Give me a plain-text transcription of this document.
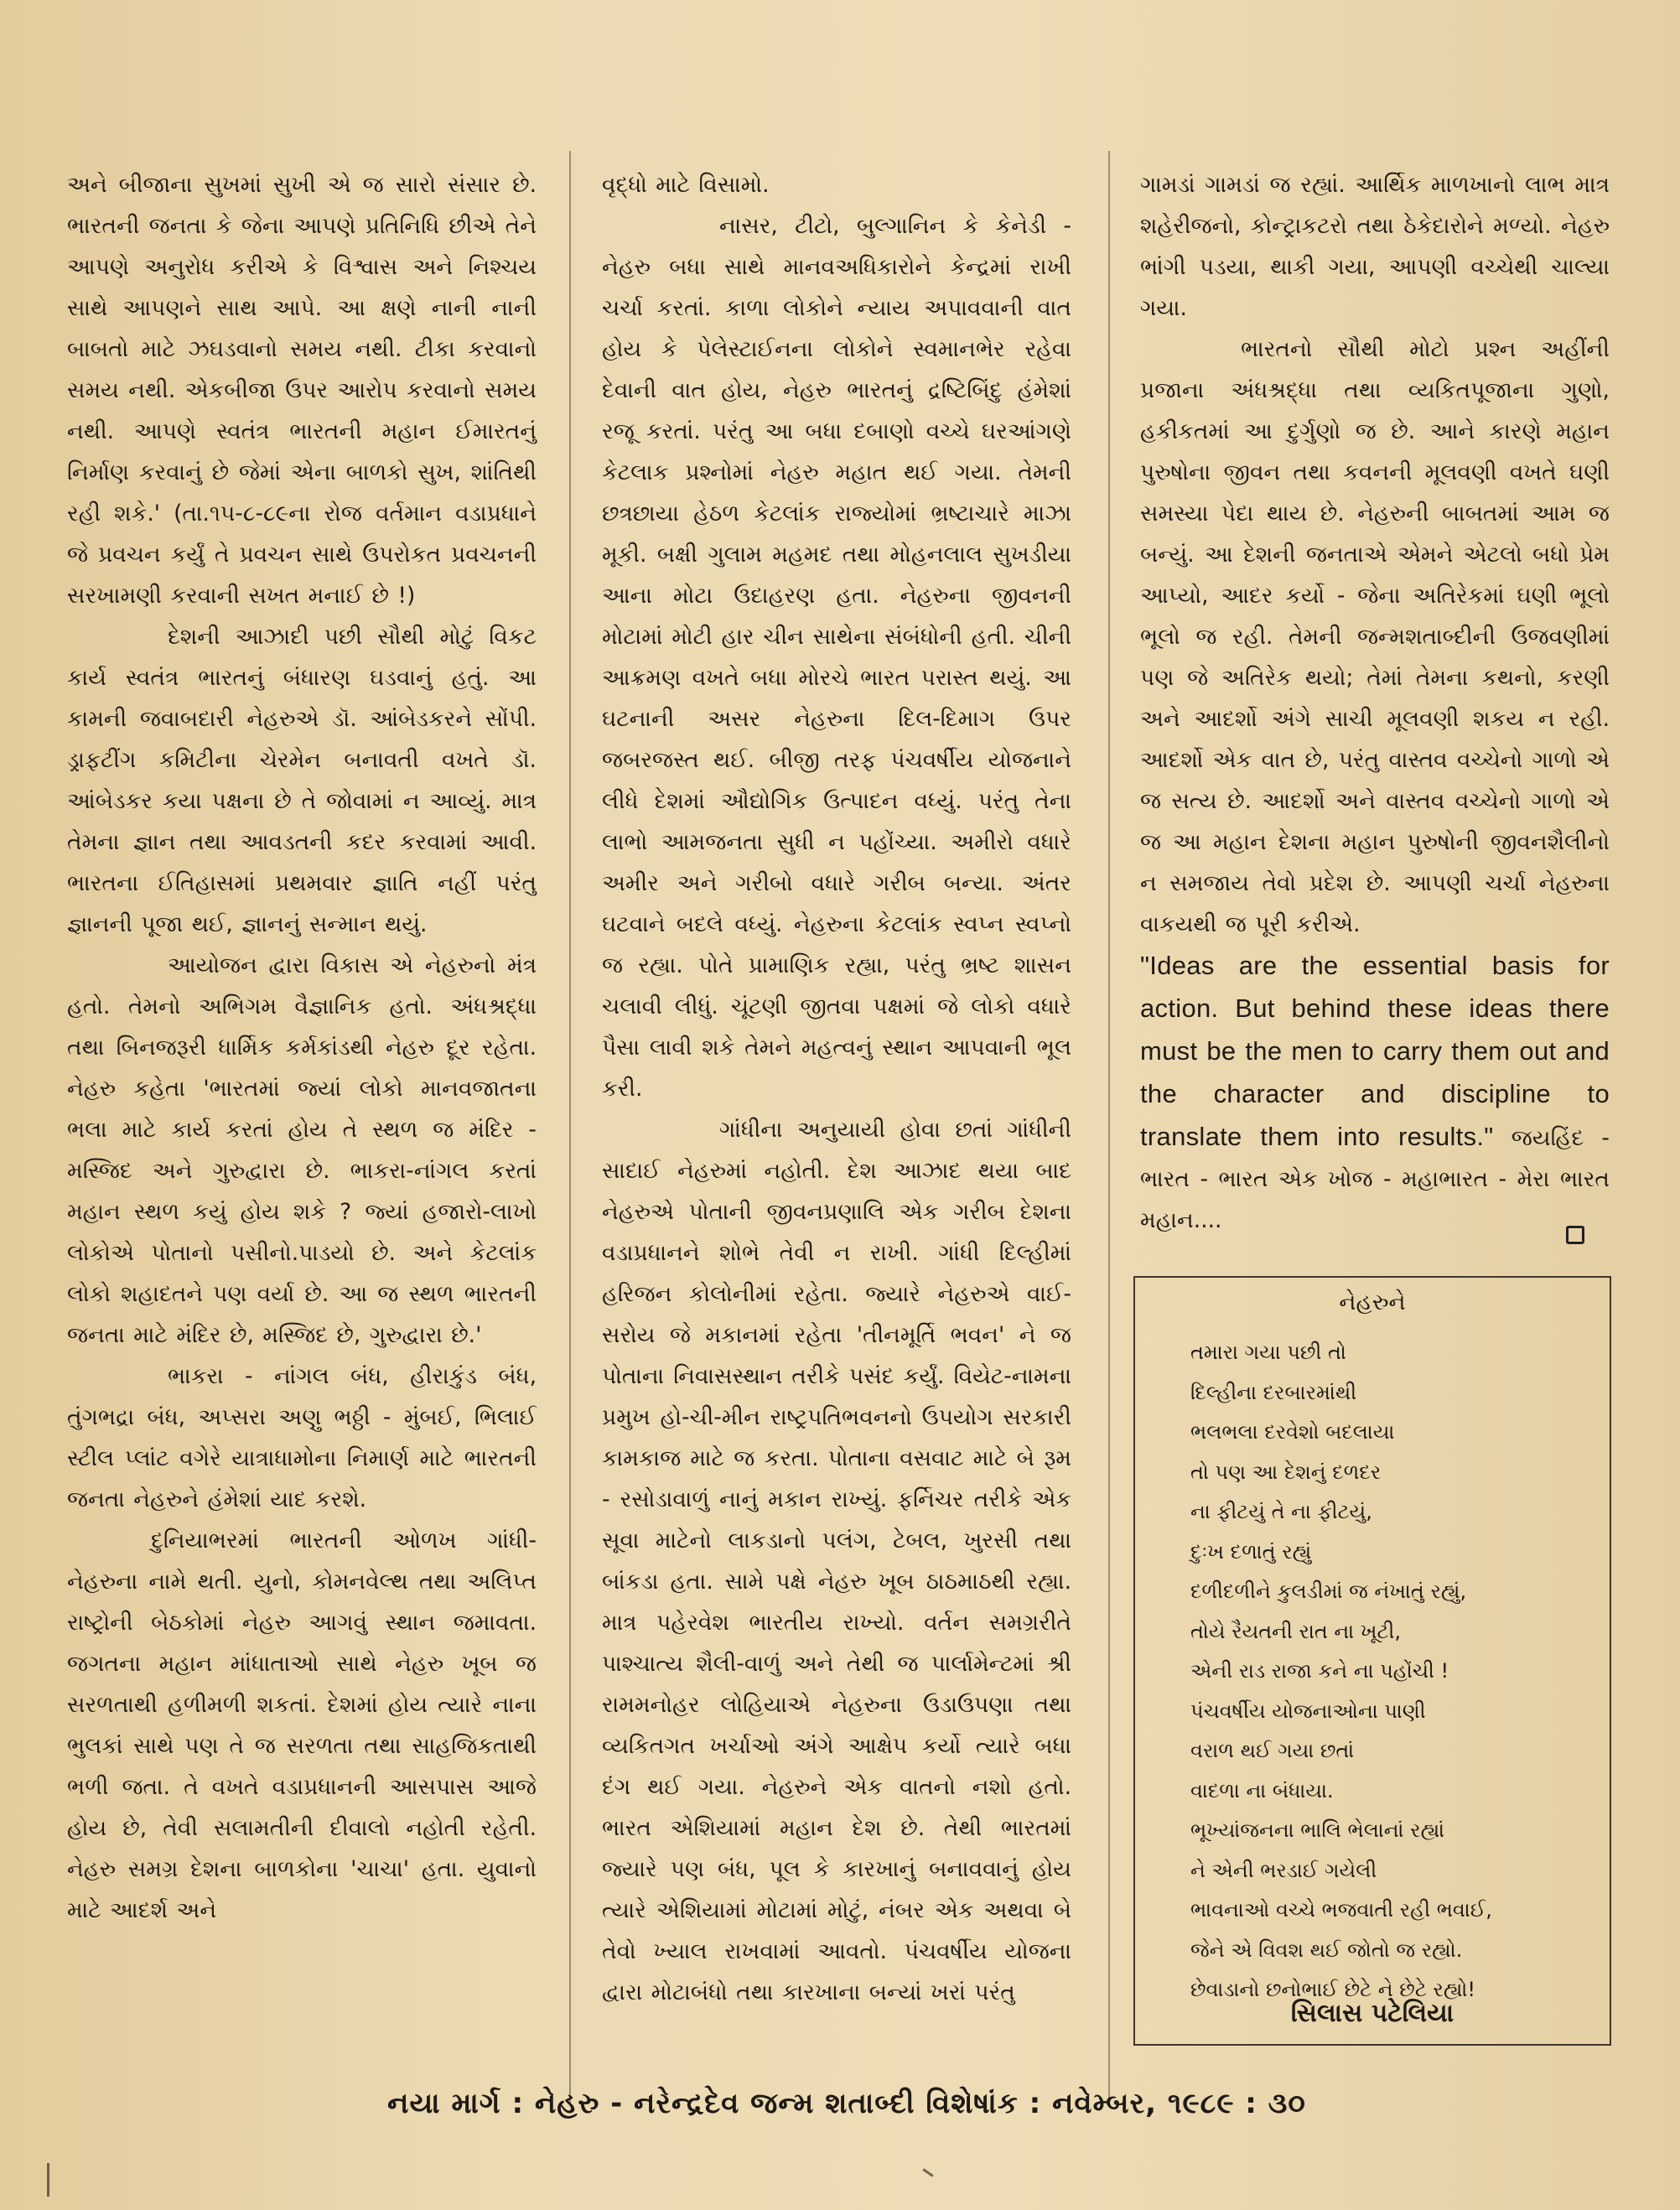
અને બીજાના સુખમાં સુખી એ જ સારો સંસાર છે. ભારતની જનતા કે જેના આપણે પ્રતિનિધિ છીએ તેને આપણે અનુરોધ કરીએ કે વિશ્વાસ અને નિશ્ચય સાથે આપણને સાથ આપે. આ ક્ષણે નાની નાની બાબતો માટે ઝઘડવાનો સમય નથી. ટીકા કરવાનો સમય નથી. એકબીજા ઉપર આરોપ કરવાનો સમય નથી. આપણે સ્વતંત્ર ભારતની મહાન ઈમારતનું નિર્માણ કરવાનું છે જેમાં એના બાળકો સુખ, શાંતિથી રહી શકે.' (તા.૧૫-૮-૮૯ના રોજ વર્તમાન વડાપ્રધાને જે પ્રવચન કર્યું તે પ્રવચન સાથે ઉપરોકત પ્રવચનની સરખામણી કરવાની સખત મનાઈ છે !)

દેશની આઝાદી પછી સૌથી મોટું વિકટ કાર્ય સ્વતંત્ર ભારતનું બંધારણ ઘડવાનું હતું. આ કામની જવાબદારી નેહરુએ ડૉ. આંબેડકરને સોંપી. ડ્રાફટીંગ કમિટીના ચેરમેન બનાવતી વખતે ડૉ. આંબેડકર કયા પક્ષના છે તે જોવામાં ન આવ્યું. માત્ર તેમના જ્ઞાન તથા આવડતની કદર કરવામાં આવી. ભારતના ઈતિહાસમાં પ્રથમવાર જ્ઞાતિ નહીં પરંતુ જ્ઞાનની પૂજા થઈ, જ્ઞાનનું સન્માન થયું.

આયોજન દ્વારા વિકાસ એ નેહરુનો મંત્ર હતો. તેમનો અભિગમ વૈજ્ઞાનિક હતો. અંધશ્રદ્ધા તથા બિનજરૂરી ધાર્મિક કર્મકાંડથી નેહરુ દૂર રહેતા. નેહરુ કહેતા 'ભારતમાં જ્યાં લોકો માનવજાતના ભલા માટે કાર્ય કરતાં હોય તે સ્થળ જ મંદિર - મસ્જિદ અને ગુરુદ્વારા છે. ભાકરા-નાંગલ કરતાં મહાન સ્થળ કયું હોય શકે ? જ્યાં હજારો-લાખો લોકોએ પોતાનો પસીનો.પાડયો છે. અને કેટલાંક લોકો શહાદતને પણ વર્યા છે. આ જ સ્થળ ભારતની જનતા માટે મંદિર છે, મસ્જિદ છે, ગુરુદ્વારા છે.'

ભાકરા - નાંગલ બંધ, હીરાકુંડ બંધ, તુંગભદ્રા બંધ, અપ્સરા અણુ ભઠ્ઠી - મુંબઈ, ભિલાઈ સ્ટીલ પ્લાંટ વગેરે યાત્રાધામોના નિમાર્ણ માટે ભારતની જનતા નેહરુને હંમેશાં યાદ કરશે.

દુનિયાભરમાં ભારતની ઓળખ ગાંધી-નેહરુના નામે થતી. યુનો, કોમનવેલ્થ તથા અલિપ્ત રાષ્ટ્રોની બેઠકોમાં નેહરુ આગવું સ્થાન જમાવતા. જગતના મહાન માંધાતાઓ સાથે નેહરુ ખૂબ જ સરળતાથી હળીમળી શકતાં. દેશમાં હોય ત્યારે નાના ભુલકાં સાથે પણ તે જ સરળતા તથા સાહજિકતાથી ભળી જતા. તે વખતે વડાપ્રધાનની આસપાસ આજે હોય છે, તેવી સલામતીની દીવાલો નહોતી રહેતી. નેહરુ સમગ્ર દેશના બાળકોના 'ચાચા' હતા. યુવાનો માટે આદર્શ અને

વૃદ્ધો માટે વિસામો.

નાસર, ટીટો, બુલ્ગાનિન કે કેનેડી - નેહરુ બધા સાથે માનવઅધિકારોને કેન્દ્રમાં રાખી ચર્ચા કરતાં. કાળા લોકોને ન્યાય અપાવવાની વાત હોય કે પેલેસ્ટાઈનના લોકોને સ્વમાનભેર રહેવા દેવાની વાત હોય, નેહરુ ભારતનું દ્રષ્ટિબિંદુ હંમેશાં રજૂ કરતાં. પરંતુ આ બધા દબાણો વચ્ચે ઘરઆંગણે કેટલાક પ્રશ્નોમાં નેહરુ મહાત થઈ ગયા. તેમની છત્રછાયા હેઠળ કેટલાંક રાજ્યોમાં ભ્રષ્ટાચારે માઝા મૂકી. બક્ષી ગુલામ મહમદ તથા મોહનલાલ સુખડીયા આના મોટા ઉદાહરણ હતા. નેહરુના જીવનની મોટામાં મોટી હાર ચીન સાથેના સંબંધોની હતી. ચીની આક્રમણ વખતે બધા મોરચે ભારત પરાસ્ત થયું. આ ઘટનાની અસર નેહરુના દિલ-દિમાગ ઉપર જબરજસ્ત થઈ. બીજી તરફ પંચવર્ષીય યોજનાને લીધે દેશમાં ઔદ્યોગિક ઉત્પાદન વધ્યું. પરંતુ તેના લાભો આમજનતા સુધી ન પહોંચ્યા. અમીરો વધારે અમીર અને ગરીબો વધારે ગરીબ બન્યા. અંતર ઘટવાને બદલે વધ્યું. નેહરુના કેટલાંક સ્વપ્ન સ્વપ્નો જ રહ્યા. પોતે પ્રામાણિક રહ્યા, પરંતુ ભ્રષ્ટ શાસન ચલાવી લીધું. ચૂંટણી જીતવા પક્ષમાં જે લોકો વધારે પૈસા લાવી શકે તેમને મહત્વનું સ્થાન આપવાની ભૂલ કરી.

ગાંધીના અનુયાયી હોવા છતાં ગાંધીની સાદાઈ નેહરુમાં નહોતી. દેશ આઝાદ થયા બાદ નેહરુએ પોતાની જીવનપ્રણાલિ એક ગરીબ દેશના વડાપ્રધાનને શોભે તેવી ન રાખી. ગાંધી દિલ્હીમાં હરિજન કોલોનીમાં રહેતા. જ્યારે નેહરુએ વાઈ-સરોય જે મકાનમાં રહેતા 'તીનમૂર્તિ ભવન' ને જ પોતાના નિવાસસ્થાન તરીકે પસંદ કર્યું. વિયેટ-નામના પ્રમુખ હો-ચી-મીન રાષ્ટ્રપતિભવનનો ઉપયોગ સરકારી કામકાજ માટે જ કરતા. પોતાના વસવાટ માટે બે રૂમ - રસોડાવાળું નાનું મકાન રાખ્યું. ફર્નિચર તરીકે એક સૂવા માટેનો લાકડાનો પલંગ, ટેબલ, ખુરસી તથા બાંકડા હતા. સામે પક્ષે નેહરુ ખૂબ ઠાઠમાઠથી રહ્યા. માત્ર પહેરવેશ ભારતીય રાખ્યો. વર્તન સમગ્રરીતે પાશ્ચાત્ય શૈલી-વાળું અને તેથી જ પાર્લામેન્ટમાં શ્રી રામમનોહર લોહિયાએ નેહરુના ઉડાઉપણા તથા વ્યકિતગત ખર્ચાઓ અંગે આક્ષેપ કર્યો ત્યારે બધા દંગ થઈ ગયા. નેહરુને એક વાતનો નશો હતો. ભારત એશિયામાં મહાન દેશ છે. તેથી ભારતમાં જ્યારે પણ બંધ, પૂલ કે કારખાનું બનાવવાનું હોય ત્યારે એશિયામાં મોટામાં મોટું, નંબર એક અથવા બે તેવો ખ્યાલ રાખવામાં આવતો. પંચવર્ષીય યોજના દ્વારા મોટાબંધો તથા કારખાના બન્યાં ખરાં પરંતુ

ગામડાં ગામડાં જ રહ્યાં. આર્થિક માળખાનો લાભ માત્ર શહેરીજનો, કોન્ટ્રાકટરો તથા ઠેકેદારોને મળ્યો. નેહરુ ભાંગી પડયા, થાકી ગયા, આપણી વચ્ચેથી ચાલ્યા ગયા.

ભારતનો સૌથી મોટો પ્રશ્ન અહીંની પ્રજાના અંધશ્રદ્ધા તથા વ્યકિતપૂજાના ગુણો, હકીકતમાં આ દુર્ગુણો જ છે. આને કારણે મહાન પુરુષોના જીવન તથા કવનની મૂલવણી વખતે ઘણી સમસ્યા પેદા થાય છે. નેહરુની બાબતમાં આમ જ બન્યું. આ દેશની જનતાએ એમને એટલો બધો પ્રેમ આપ્યો, આદર કર્યો - જેના અતિરેકમાં ઘણી ભૂલો ભૂલો જ રહી. તેમની જન્મશતાબ્દીની ઉજવણીમાં પણ જે અતિરેક થયો; તેમાં તેમના કથનો, કરણી અને આદર્શો અંગે સાચી મૂલવણી શકય ન રહી. આદર્શો એક વાત છે, પરંતુ વાસ્તવ વચ્ચેનો ગાળો એ જ સત્ય છે. આદર્શો અને વાસ્તવ વચ્ચેનો ગાળો એ જ આ મહાન દેશના મહાન પુરુષોની જીવનશૈલીનો ન સમજાય તેવો પ્રદેશ છે. આપણી ચર્ચા નેહરુના વાકયથી જ પૂરી કરીએ.

"Ideas are the essential basis for action. But behind these ideas there must be the men to carry them out and the character and discipline to translate them into results." જયહિંદ - ભારત - ભારત એક ખોજ - મહાભારત - મેરા ભારત મહાન....

નેહરુને
તમારા ગયા પછી તો
દિલ્હીના દરબારમાંથી
ભલભલા દરવેશો બદલાયા
તો પણ આ દેશનું દળદર
ના ફીટયું તે ના ફીટયું,
દુઃખ દળાતું રહ્યું
દળીદળીને કુલડીમાં જ નંખાતું રહ્યું,
તોયે રૈયતની રાત ના ખૂટી,
એની રાડ રાજા કને ના પહોંચી !
પંચવર્ષીય યોજનાઓના પાણી
વરાળ થઈ ગયા છતાં
વાદળા ના બંધાયા.
ભૂખ્યાંજનના ભાલિ ભેલાનાં રહ્યાં
ને એની ભરડાઈ ગયેલી
ભાવનાઓ વચ્ચે ભજવાતી રહી ભવાઈ,
જેને એ વિવશ થઈ જોતો જ રહ્યો.
છેવાડાનો છનોભાઈ છેટે ને છેટે રહ્યો!
સિલાસ પટેલિયા
નયા માર્ગ : નેહરુ - નરેન્દ્રદેવ જન્મ શતાબ્દી વિશેષાંક : નવેમ્બર, ૧૯૮૯ : ૩૦
